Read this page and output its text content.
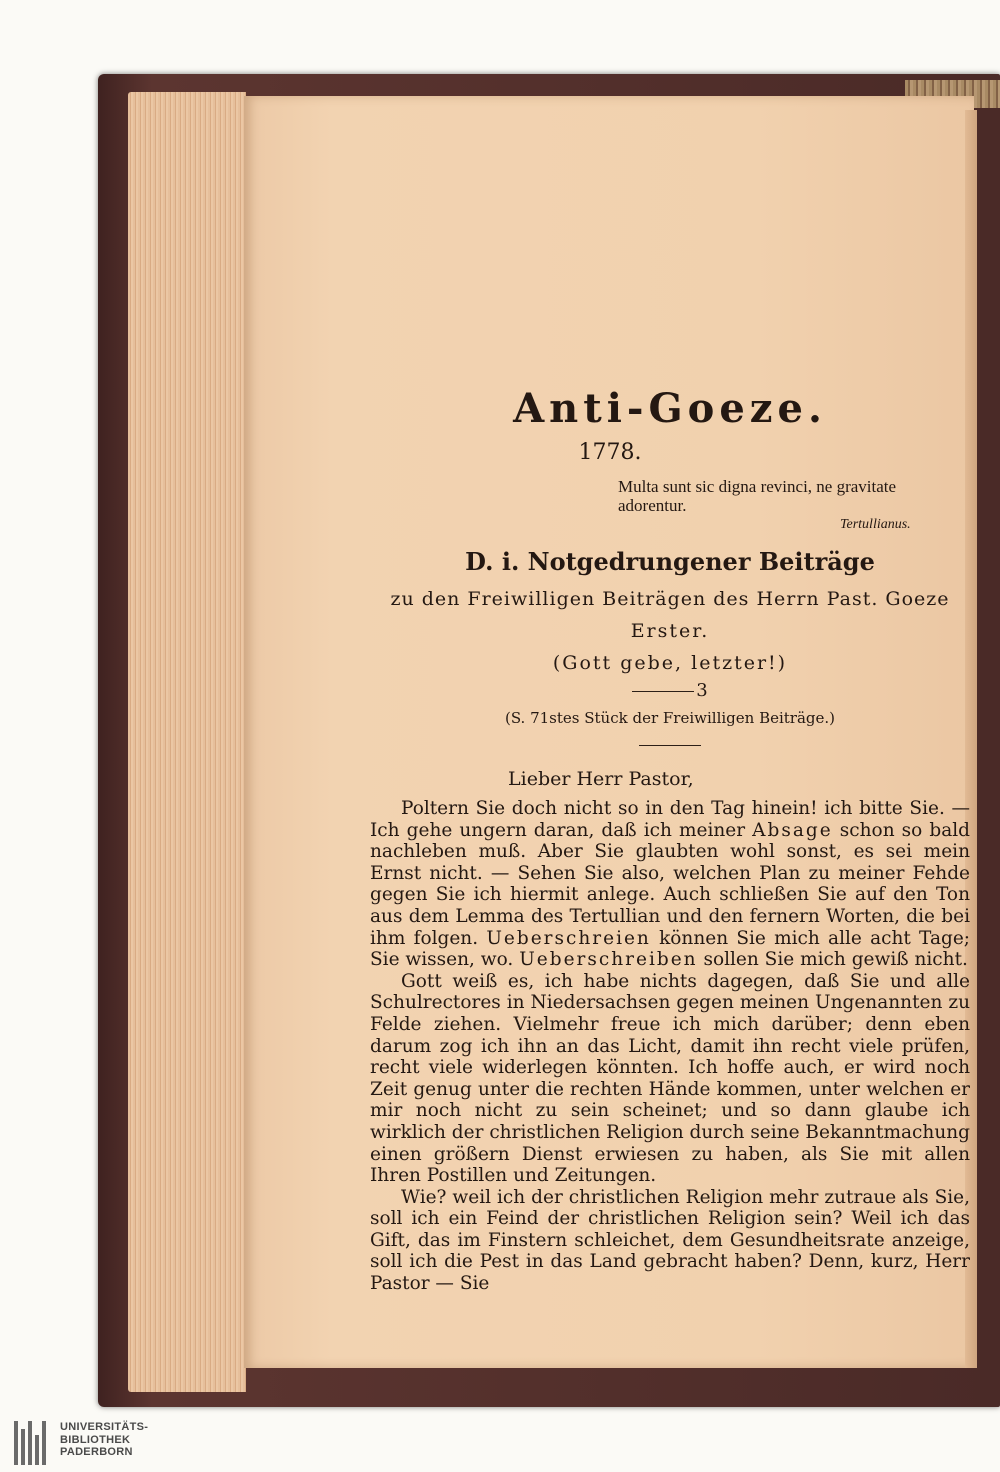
Anti-Goeze.
1778.
Multa sunt sic digna revinci, ne gravitate adorentur.
Tertullianus.
D. i. Notgedrungener Beiträge
zu den Freiwilligen Beiträgen des Herrn Past. Goeze
Erster.
(Gott gebe, letzter!)
3
(S. 71stes Stück der Freiwilligen Beiträge.)
Lieber Herr Pastor,

Poltern Sie doch nicht so in den Tag hinein! ich bitte Sie. — Ich gehe ungern daran, daß ich meiner Absage schon so bald nachleben muß. Aber Sie glaubten wohl sonst, es sei mein Ernst nicht. — Sehen Sie also, welchen Plan zu meiner Fehde gegen Sie ich hiermit anlege. Auch schließen Sie auf den Ton aus dem Lemma des Tertullian und den fernern Worten, die bei ihm folgen. Ueberschreien können Sie mich alle acht Tage; Sie wissen, wo. Ueberschreiben sollen Sie mich gewiß nicht.

Gott weiß es, ich habe nichts dagegen, daß Sie und alle Schulrectores in Niedersachsen gegen meinen Ungenannten zu Felde ziehen. Vielmehr freue ich mich darüber; denn eben darum zog ich ihn an das Licht, damit ihn recht viele prüfen, recht viele widerlegen könnten. Ich hoffe auch, er wird noch Zeit genug unter die rechten Hände kommen, unter welchen er mir noch nicht zu sein scheinet; und so dann glaube ich wirklich der christlichen Religion durch seine Bekanntmachung einen größern Dienst erwiesen zu haben, als Sie mit allen Ihren Postillen und Zeitungen.

Wie? weil ich der christlichen Religion mehr zutraue als Sie, soll ich ein Feind der christlichen Religion sein? Weil ich das Gift, das im Finstern schleichet, dem Gesundheitsrate anzeige, soll ich die Pest in das Land gebracht haben? Denn, kurz, Herr Pastor — Sie

UNIVERSITÄTS-
BIBLIOTHEK
PADERBORN
